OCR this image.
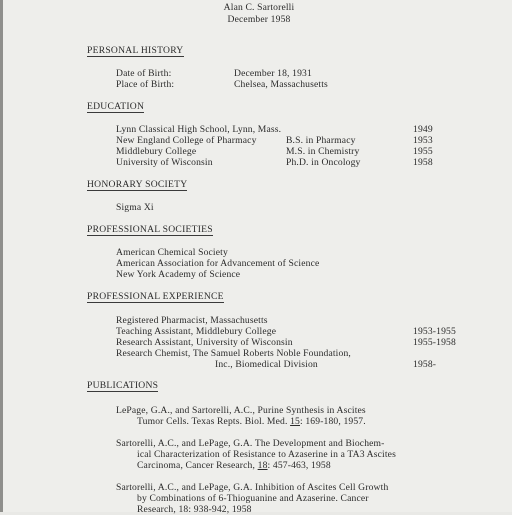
Alan C. Sartorelli
December 1958
PERSONAL HISTORY
Date of Birth:	December 18, 1931
Place of Birth:	Chelsea, Massachusetts
EDUCATION
Lynn Classical High School, Lynn, Mass.	1949
New England College of Pharmacy	B.S. in Pharmacy	1953
Middlebury College	M.S. in Chemistry	1955
University of Wisconsin	Ph.D. in Oncology	1958
HONORARY SOCIETY
Sigma Xi
PROFESSIONAL SOCIETIES
American Chemical Society
American Association for Advancement of Science
New York Academy of Science
PROFESSIONAL EXPERIENCE
Registered Pharmacist, Massachusetts
Teaching Assistant, Middlebury College	1953-1955
Research Assistant, University of Wisconsin	1955-1958
Research Chemist, The Samuel Roberts Noble Foundation,
Inc., Biomedical Division	1958-
PUBLICATIONS
LePage, G.A., and Sartorelli, A.C., Purine Synthesis in Ascites
Tumor Cells. Texas Repts. Biol. Med. 15: 169-180, 1957.
Sartorelli, A.C., and LePage, G.A. The Development and Biochem-
ical Characterization of Resistance to Azaserine in a TA3 Ascites
Carcinoma, Cancer Research, 18: 457-463, 1958
Sartorelli, A.C., and LePage, G.A. Inhibition of Ascites Cell Growth
by Combinations of 6-Thioguanine and Azaserine. Cancer
Research, 18: 938-942, 1958
